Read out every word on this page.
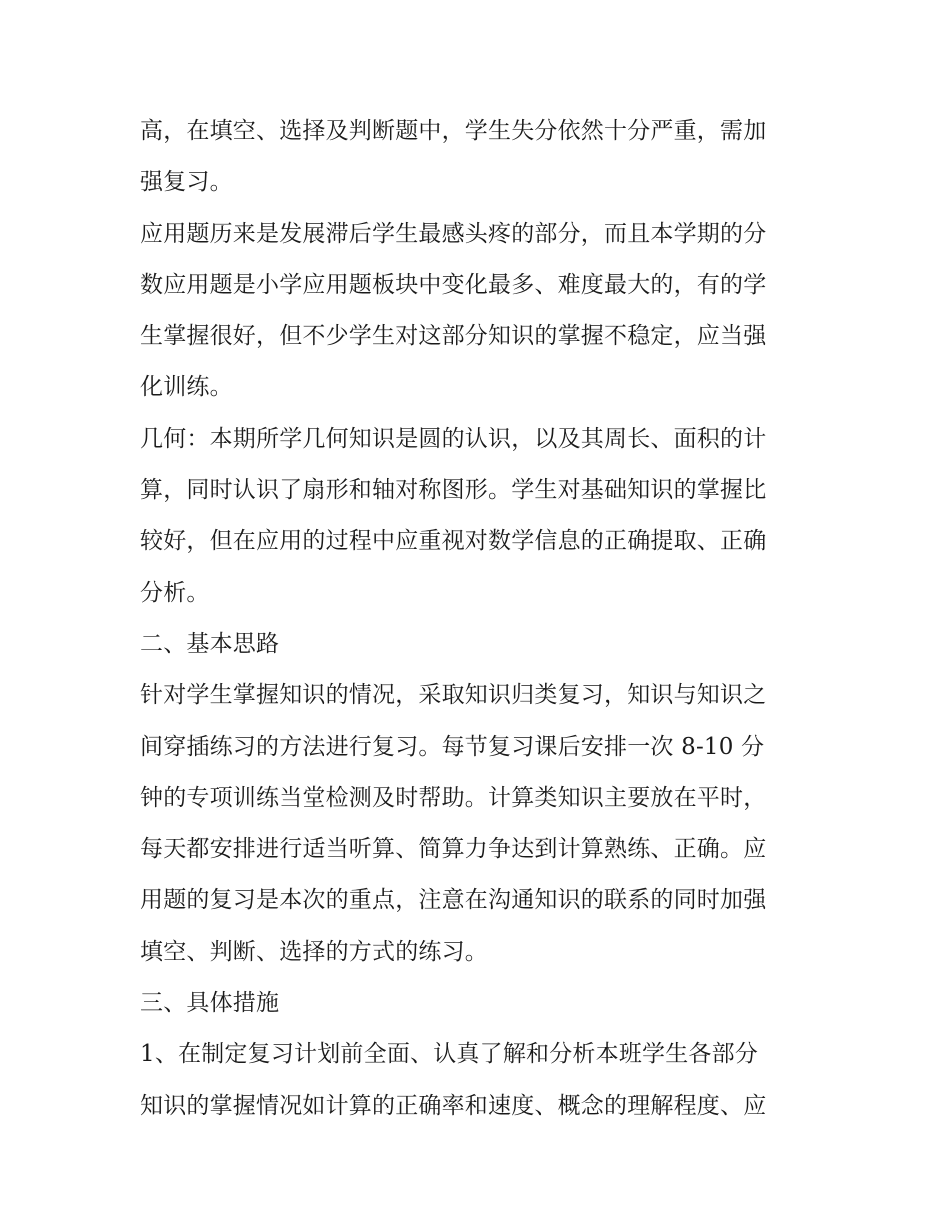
高，在填空、选择及判断题中，学生失分依然十分严重，需加
强复习。
应用题历来是发展滞后学生最感头疼的部分，而且本学期的分
数应用题是小学应用题板块中变化最多、难度最大的，有的学
生掌握很好，但不少学生对这部分知识的掌握不稳定，应当强
化训练。
几何：本期所学几何知识是圆的认识，以及其周长、面积的计
算，同时认识了扇形和轴对称图形。学生对基础知识的掌握比
较好，但在应用的过程中应重视对数学信息的正确提取、正确
分析。
二、基本思路
针对学生掌握知识的情况，采取知识归类复习，知识与知识之
间穿插练习的方法进行复习。每节复习课后安排一次 8-10 分
钟的专项训练当堂检测及时帮助。计算类知识主要放在平时，
每天都安排进行适当听算、简算力争达到计算熟练、正确。应
用题的复习是本次的重点，注意在沟通知识的联系的同时加强
填空、判断、选择的方式的练习。
三、具体措施
1、在制定复习计划前全面、认真了解和分析本班学生各部分
知识的掌握情况如计算的正确率和速度、概念的理解程度、应
